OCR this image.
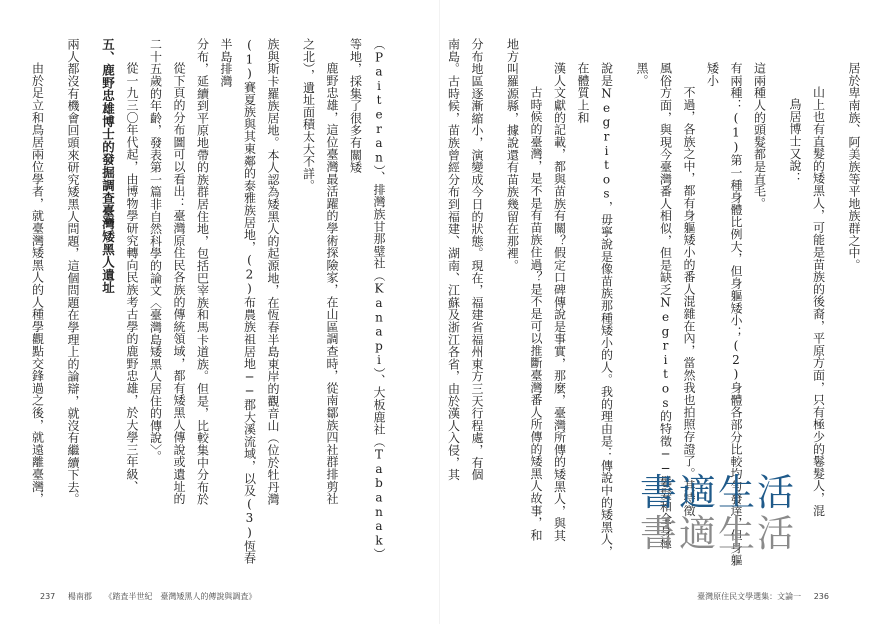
（Paiteran）、排灣族甘那璧社（Kanapi）、大板鹿社（Tabanak）等地，採集了很多有關矮
鹿野忠雄，這位臺灣最活躍的學術探險家，在山區調查時，從南鄒族四社群排剪社
之北），遺址面積太大不詳。
族與斯卡羅族居地。本人認為矮黑人的起源地，在恆春半島東岸的觀音山（位於牡丹灣
(1)賽夏族與其東鄰的泰雅族居地，(2)布農族祖居地──郡大溪流域，以及(3)恆春半島排灣
分布，延續到平原地帶的族群居住地，包括巴宰族和馬卡道族。但是，比較集中分布於
從下頁的分布圖可以看出：臺灣原住民各族的傳統領域，都有矮黑人傳說或遺址的
二十五歲的年齡，發表第一篇非自然科學的論文〈臺灣島矮黑人居住的傳說〉。
從一九三〇年代起，由博物學研究轉向民族考古學的鹿野忠雄，於大學三年級、
五、鹿野忠雄博士的發掘調查臺灣矮黑人遺址
兩人都沒有機會回頭來研究矮黑人問題，這個問題在學理上的論辯，就沒有繼續下去。
由於足立和鳥居兩位學者，就臺灣矮黑人的人種學觀點交鋒過之後，就遠離臺灣，
237 楊南郡 《踏査半世紀　臺灣矮黑人的傳說與調査》
居於卑南族、阿美族等平地族群之中。
山上也有直髮的矮黑人，可能是苗族的後裔，平原方面，只有極少的鬈髮人，混
鳥居博士又說：
這兩種人的頭髮都是直毛。
有兩種：(1)第一種身體比例大，但身軀矮小；(2)身體各部分比較均勻發達，但身軀矮小
不過，各族之中，都有身軀矮小的番人混雜在內，當然我也拍照存證了。其特徵
風俗方面，與現今臺灣番人相似，但是缺乏Negritos的特徵──鬈髮和全身極黑。
說是Negritos，毋寧說是像苗族那種矮小的人。我的理由是：傳說中的矮黑人，在體質上和
漢人文獻的記載，都與苗族有關？假定口碑傳說是事實，那麼，臺灣所傳的矮黑人，與其
古時候的臺灣，是不是有苗族住過？是不是可以推斷臺灣番人所傳的矮黑人故事，和
地方叫羅源縣，據說還有苗族幾留在那裡。
分布地區逐漸縮小，演變成今日的狀態。現在，福建省福州東方三天行程處，有個
南島。古時候，苗族曾經分布到福建、湖南、江蘇及浙江各省，由於漢人入侵，其
臺灣原住民文學選集：文論一 236
書適生活
書適生活
